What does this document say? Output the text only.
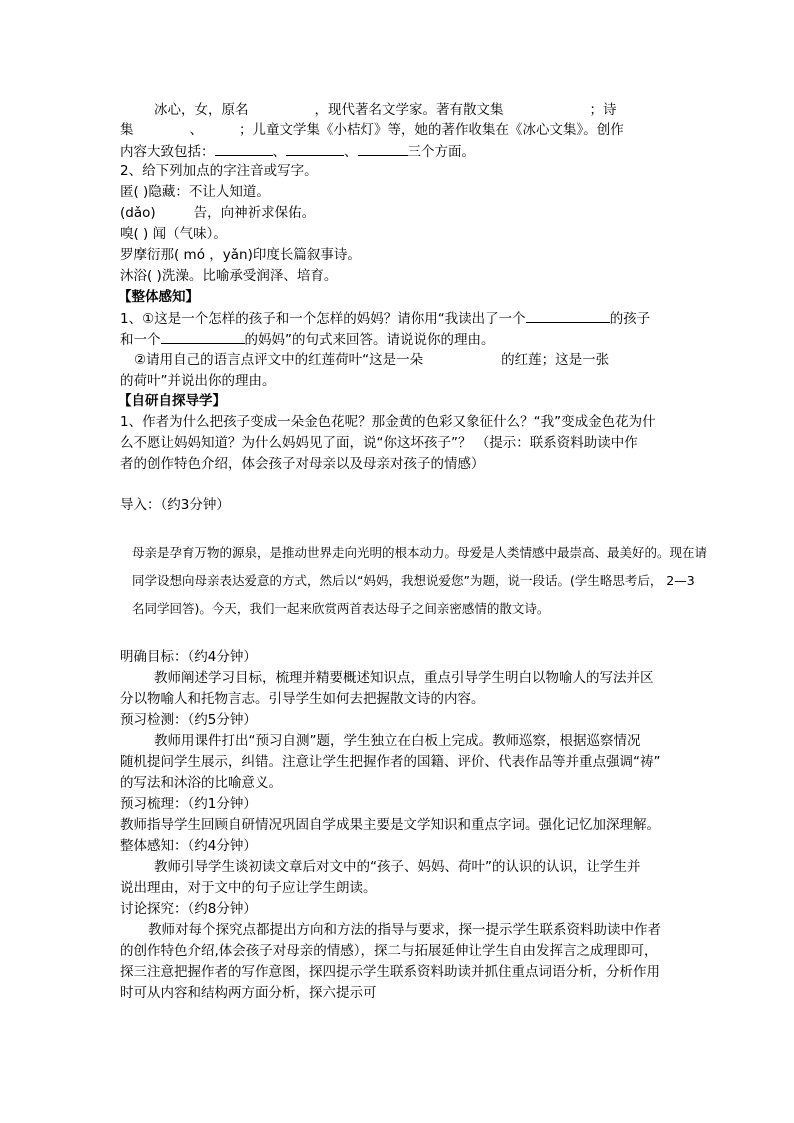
冰心，女，原名	，现代著名文学家。著有散文集	；诗
集	、	；儿童文学集《小桔灯》等，她的著作收集在《冰心文集》。创作
内容大致包括：	、	、	三个方面。
2、给下列加点的字注音或写字。
匿( )隐藏：不让人知道。
(dǎo)	告，向神祈求保佑。
嗅( ) 闻（气味）。
罗摩衍那( mó ，yǎn)印度长篇叙事诗。
沐浴( )洗澡。比喻承受润泽、培育。
【整体感知】
1、①这是一个怎样的孩子和一个怎样的妈妈？请你用“我读出了一个	的孩子
和一个	的妈妈”的句式来回答。请说说你的理由。
②请用自己的语言点评文中的红莲荷叶“这是一朵	的红莲；这是一张
的荷叶”并说出你的理由。
【自研自探导学】
1、作者为什么把孩子变成一朵金色花呢？那金黄的色彩又象征什么？“我”变成金色花为什
么不愿让妈妈知道？为什么妈妈见了面，说“你这坏孩子”？ （提示：联系资料助读中作
者的创作特色介绍，体会孩子对母亲以及母亲对孩子的情感）
导入：（约3分钟）
母亲是孕育万物的源泉，是推动世界走向光明的根本动力。母爱是人类情感中最崇高、最美好的。现在请
同学设想向母亲表达爱意的方式，然后以“妈妈，我想说爱您”为题，说一段话。(学生略思考后， 2—3
名同学回答)。今天，我们一起来欣赏两首表达母子之间亲密感情的散文诗。
明确目标：（约4分钟）
教师阐述学习目标，梳理并精要概述知识点，重点引导学生明白以物喻人的写法并区
分以物喻人和托物言志。引导学生如何去把握散文诗的内容。
预习检测：（约5分钟）
教师用课件打出“预习自测”题，学生独立在白板上完成。教师巡察，根据巡察情况
随机提问学生展示，纠错。注意让学生把握作者的国籍、评价、代表作品等并重点强调“祷”
的写法和沐浴的比喻意义。
预习梳理：（约1分钟）
教师指导学生回顾自研情况巩固自学成果主要是文学知识和重点字词。强化记忆加深理解。
整体感知：（约4分钟）
教师引导学生谈初读文章后对文中的“孩子、妈妈、荷叶”的认识的认识，让学生并
说出理由，对于文中的句子应让学生朗读。
讨论探究：（约8分钟）
教师对每个探究点都提出方向和方法的指导与要求，探一提示学生联系资料助读中作者
的创作特色介绍,体会孩子对母亲的情感），探二与拓展延伸让学生自由发挥言之成理即可，
探三注意把握作者的写作意图，探四提示学生联系资料助读并抓住重点词语分析，分析作用
时可从内容和结构两方面分析，探六提示可
